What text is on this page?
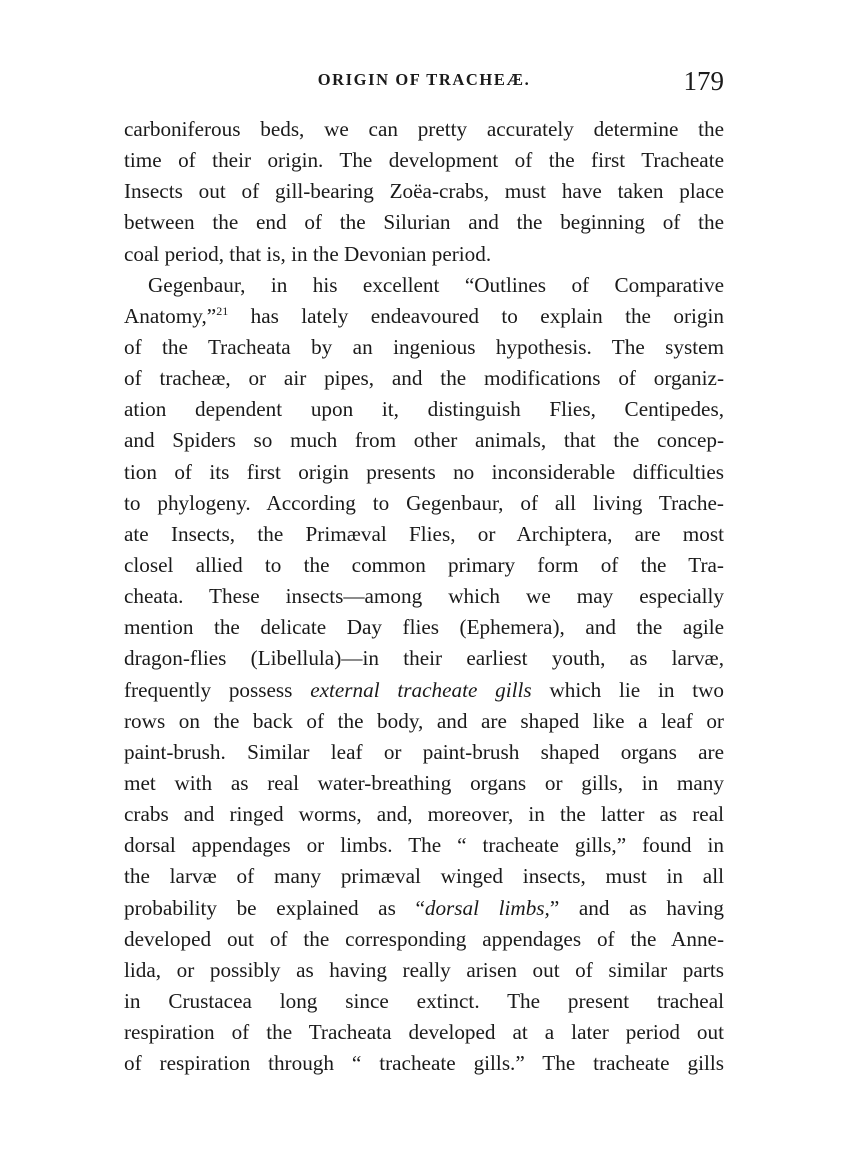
ORIGIN OF TRACHEÆ.	179
carboniferous beds, we can pretty accurately determine the
time of their origin. The development of the first Tracheate
Insects out of gill-bearing Zoëa-crabs, must have taken place
between the end of the Silurian and the beginning of the
coal period, that is, in the Devonian period.
Gegenbaur, in his excellent “Outlines of Comparative
Anatomy,”$^{21}$ has lately endeavoured to explain the origin
of the Tracheata by an ingenious hypothesis. The system
of tracheæ, or air pipes, and the modifications of organiz-
ation dependent upon it, distinguish Flies, Centipedes,
and Spiders so much from other animals, that the concep-
tion of its first origin presents no inconsiderable difficulties
to phylogeny. According to Gegenbaur, of all living Trache-
ate Insects, the Primæval Flies, or Archiptera, are most
closel allied to the common primary form of the Tra-
cheata. These insects—among which we may especially
mention the delicate Day flies (Ephemera), and the agile
dragon-flies (Libellula)—in their earliest youth, as larvæ,
frequently possess external tracheate gills which lie in two
rows on the back of the body, and are shaped like a leaf or
paint-brush. Similar leaf or paint-brush shaped organs are
met with as real water-breathing organs or gills, in many
crabs and ringed worms, and, moreover, in the latter as real
dorsal appendages or limbs. The “ tracheate gills,” found in
the larvæ of many primæval winged insects, must in all
probability be explained as “dorsal limbs,” and as having
developed out of the corresponding appendages of the Anne-
lida, or possibly as having really arisen out of similar parts
in Crustacea long since extinct. The present tracheal
respiration of the Tracheata developed at a later period out
of respiration through “ tracheate gills.” The tracheate gills
